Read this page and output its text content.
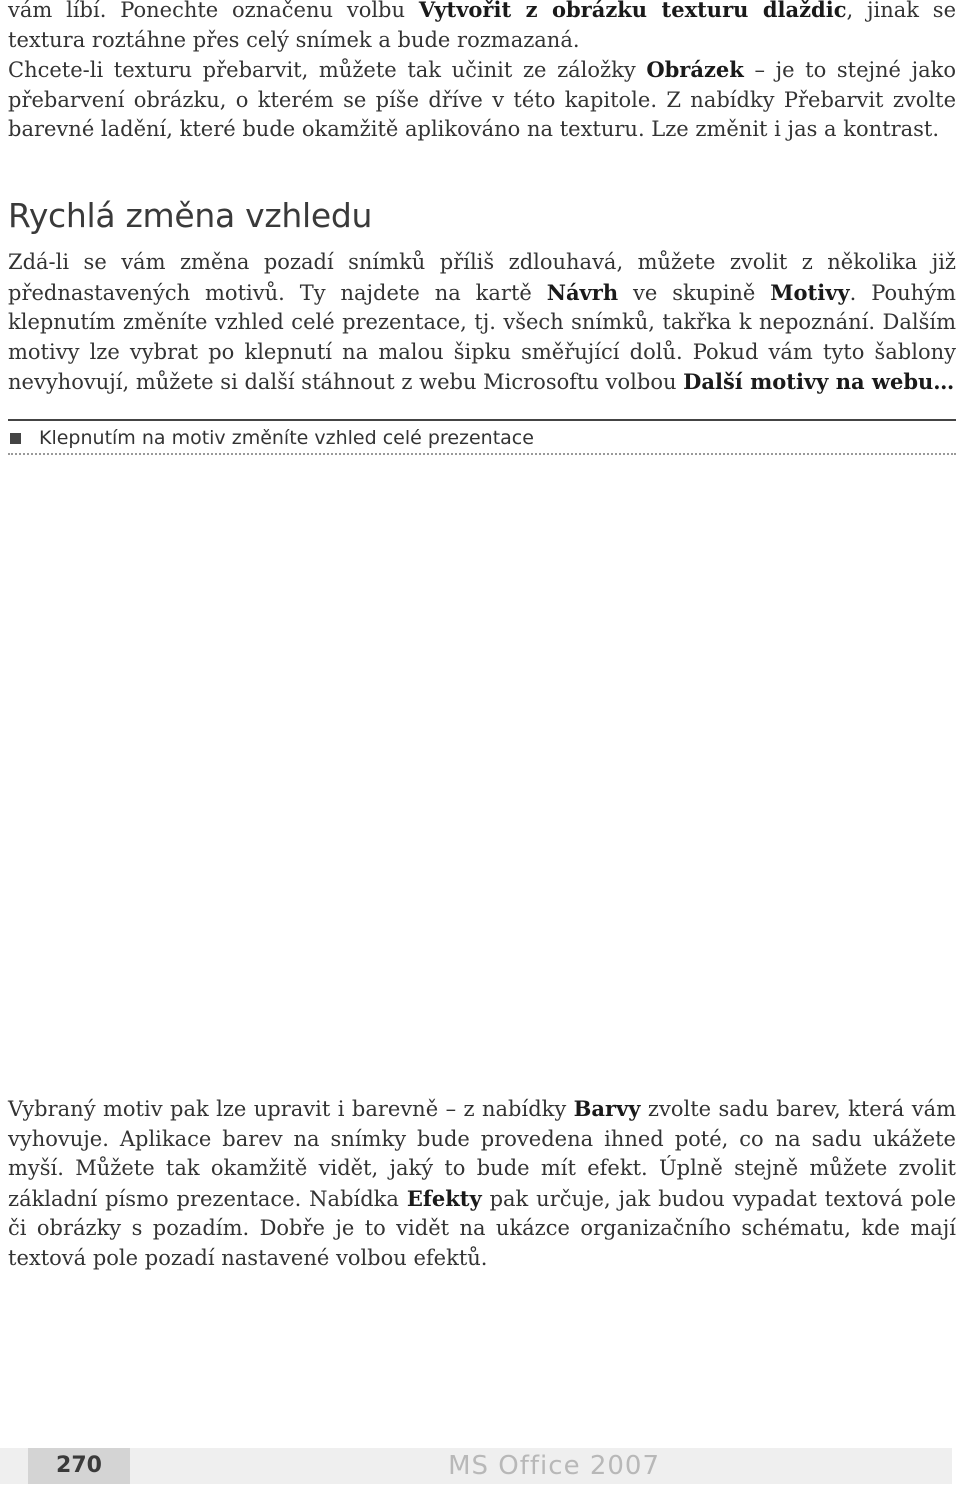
vám líbí. Ponechte označenu volbu Vytvořit z obrázku texturu dlaždic, jinak se textura roztáhne přes celý snímek a bude rozmazaná.

Chcete-li texturu přebarvit, můžete tak učinit ze záložky Obrázek – je to stejné jako přebarvení obrázku, o kterém se píše dříve v této kapitole. Z nabídky Přebarvit zvolte barevné ladění, které bude okamžitě aplikováno na texturu. Lze změnit i jas a kontrast.

Rychlá změna vzhledu

Zdá-li se vám změna pozadí snímků příliš zdlouhavá, můžete zvolit z několika již přednastavených motivů. Ty najdete na kartě Návrh ve skupině Motivy. Pouhým klepnutím změníte vzhled celé prezentace, tj. všech snímků, takřka k nepoznání. Dalším motivy lze vybrat po klepnutí na malou šipku směřující dolů. Pokud vám tyto šablony nevyhovují, můžete si další stáhnout z webu Microsoftu volbou Další motivy na webu…

Klepnutím na motiv změníte vzhled celé prezentace

Vybraný motiv pak lze upravit i barevně – z nabídky Barvy zvolte sadu barev, která vám vyhovuje. Aplikace barev na snímky bude provedena ihned poté, co na sadu ukážete myší. Můžete tak okamžitě vidět, jaký to bude mít efekt. Úplně stejně můžete zvolit základní písmo prezentace. Nabídka Efekty pak určuje, jak budou vypadat textová pole či obrázky s pozadím. Dobře je to vidět na ukázce organizačního schématu, kde mají textová pole pozadí nastavené volbou efektů.

270	MS Office 2007
